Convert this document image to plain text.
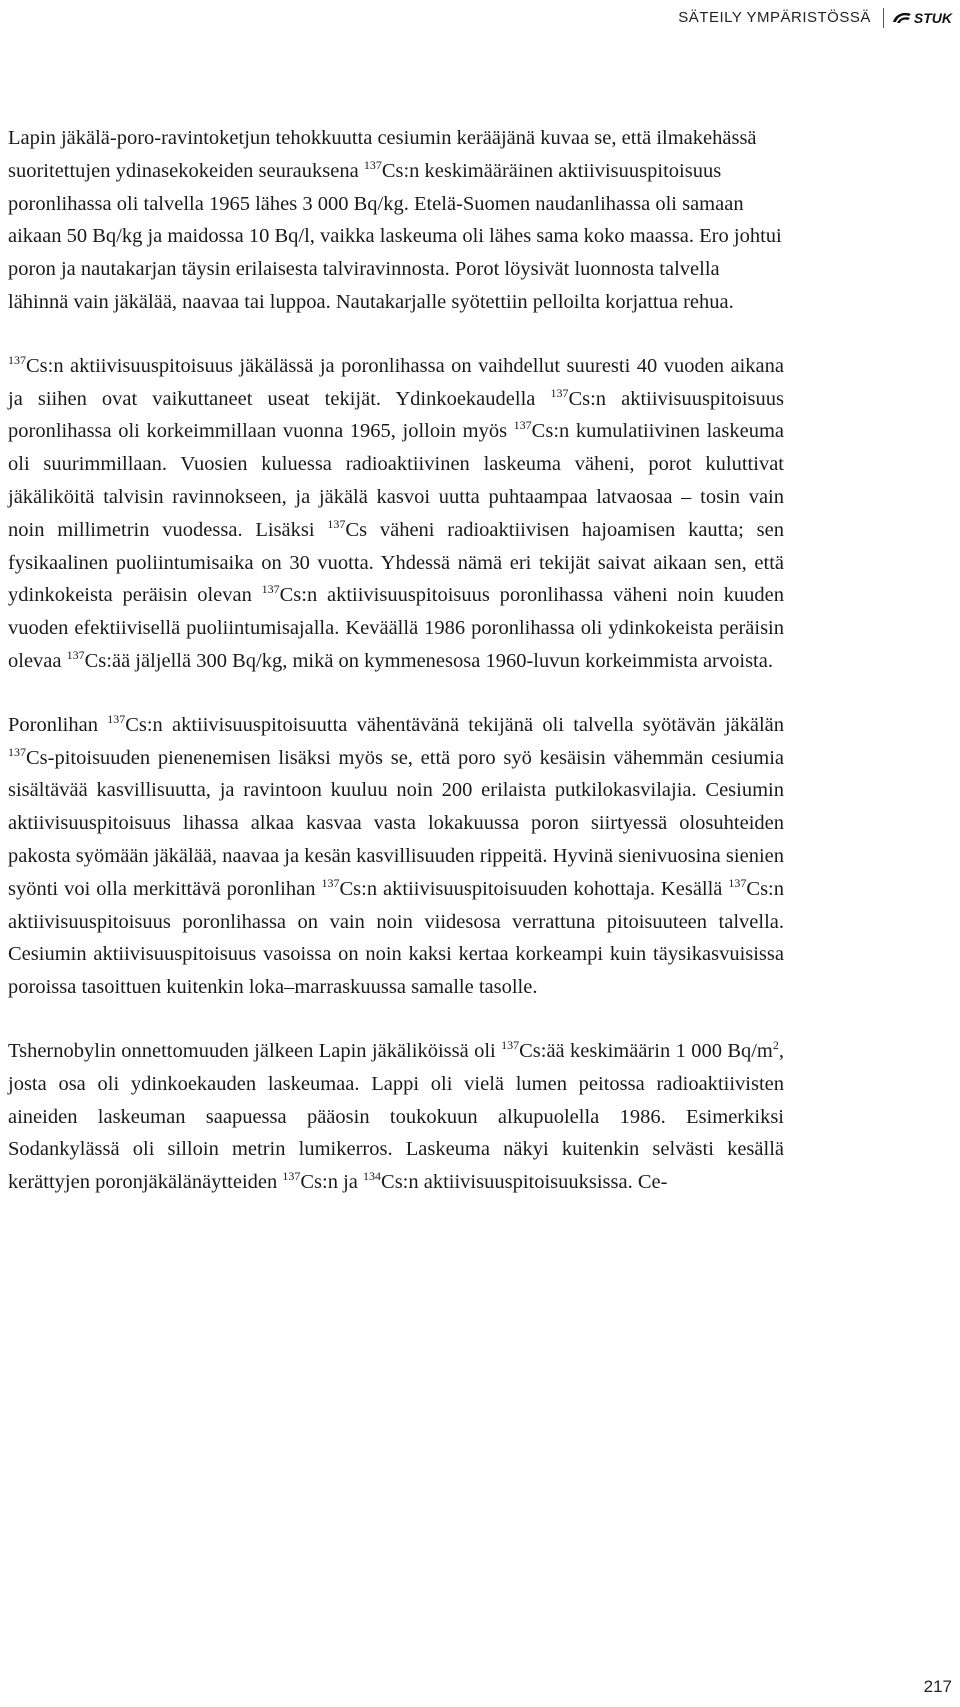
SÄTEILY YMPÄRISTÖSSÄ	STUK

Lapin jäkälä-poro-ravintoketjun tehokkuutta cesiumin kerääjänä kuvaa se, että ilmakehässä suoritettujen ydinasekokeiden seurauksena $^{137}$Cs:n keskimääräinen aktiivisuuspitoisuus poronlihassa oli talvella 1965 lähes 3 000 Bq/kg. Etelä-Suomen naudanlihassa oli samaan aikaan 50 Bq/kg ja maidossa 10 Bq/l, vaikka laskeuma oli lähes sama koko maassa. Ero johtui poron ja nautakarjan täysin erilaisesta talviravinnosta. Porot löysivät luonnosta talvella lähinnä vain jäkälää, naavaa tai luppoa. Nautakarjalle syötettiin pelloilta korjattua rehua.

$^{137}$Cs:n aktiivisuuspitoisuus jäkälässä ja poronlihassa on vaihdellut suuresti 40 vuoden aikana ja siihen ovat vaikuttaneet useat tekijät. Ydinkoekaudella $^{137}$Cs:n aktiivisuuspitoisuus poronlihassa oli korkeimmillaan vuonna 1965, jolloin myös $^{137}$Cs:n kumulatiivinen laskeuma oli suurimmillaan. Vuosien kuluessa radioaktiivinen laskeuma väheni, porot kuluttivat jäkäliköitä talvisin ravinnokseen, ja jäkälä kasvoi uutta puhtaampaa latvaosaa – tosin vain noin millimetrin vuodessa. Lisäksi $^{137}$Cs väheni radioaktiivisen hajoamisen kautta; sen fysikaalinen puoliintumisaika on 30 vuotta. Yhdessä nämä eri tekijät saivat aikaan sen, että ydinkokeista peräisin olevan $^{137}$Cs:n aktiivisuuspitoisuus poronlihassa väheni noin kuuden vuoden efektiivisellä puoliintumisajalla. Keväällä 1986 poronlihassa oli ydinkokeista peräisin olevaa $^{137}$Cs:ää jäljellä 300 Bq/kg, mikä on kymmenesosa 1960-luvun korkeimmista arvoista.

Poronlihan $^{137}$Cs:n aktiivisuuspitoisuutta vähentävänä tekijänä oli talvella syötävän jäkälän $^{137}$Cs-pitoisuuden pienenemisen lisäksi myös se, että poro syö kesäisin vähemmän cesiumia sisältävää kasvillisuutta, ja ravintoon kuuluu noin 200 erilaista putkilokasvilajia. Cesiumin aktiivisuuspitoisuus lihassa alkaa kasvaa vasta lokakuussa poron siirtyessä olosuhteiden pakosta syömään jäkälää, naavaa ja kesän kasvillisuuden rippeitä. Hyvinä sienivuosina sienien syönti voi olla merkittävä poronlihan $^{137}$Cs:n aktiivisuuspitoisuuden kohottaja. Kesällä $^{137}$Cs:n aktiivisuuspitoisuus poronlihassa on vain noin viidesosa verrattuna pitoisuuteen talvella. Cesiumin aktiivisuuspitoisuus vasoissa on noin kaksi kertaa korkeampi kuin täysikasvuisissa poroissa tasoittuen kuitenkin loka–marraskuussa samalle tasolle.

Tshernobylin onnettomuuden jälkeen Lapin jäkäliköissä oli $^{137}$Cs:ää keskimäärin 1 000 $Bq/m^2$, josta osa oli ydinkoekauden laskeumaa. Lappi oli vielä lumen peitossa radioaktiivisten aineiden laskeuman saapuessa pääosin toukokuun alkupuolella 1986. Esimerkiksi Sodankylässä oli silloin metrin lumikerros. Laskeuma näkyi kuitenkin selvästi kesällä kerättyjen poronjäkälänäytteiden $^{137}$Cs:n ja $^{134}$Cs:n aktiivisuuspitoisuuksissa. Ce-

217
